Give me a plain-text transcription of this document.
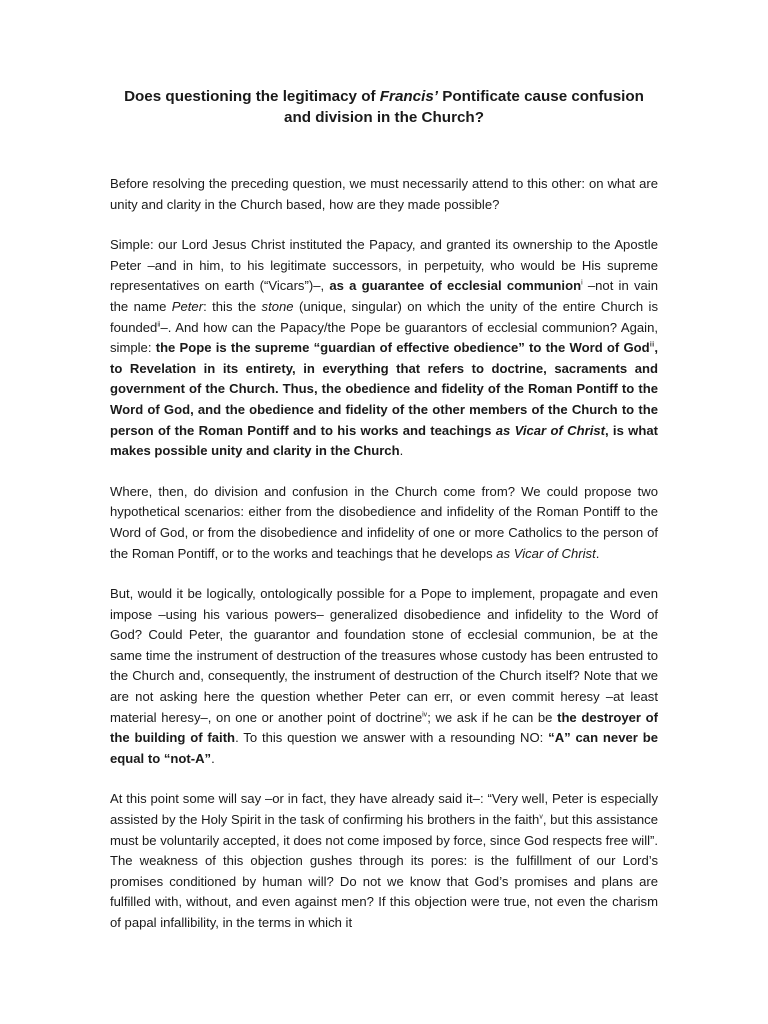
Does questioning the legitimacy of Francis’ Pontificate cause confusion and division in the Church?

Before resolving the preceding question, we must necessarily attend to this other: on what are unity and clarity in the Church based, how are they made possible?

Simple: our Lord Jesus Christ instituted the Papacy, and granted its ownership to the Apostle Peter –and in him, to his legitimate successors, in perpetuity, who would be His supreme representatives on earth (“Vicars”)–, as a guarantee of ecclesial communion$^i$ –not in vain the name Peter: this the stone (unique, singular) on which the unity of the entire Church is founded$^{ii}$–. And how can the Papacy/the Pope be guarantors of ecclesial communion? Again, simple: the Pope is the supreme “guardian of effective obedience” to the Word of God$^{iii}$, to Revelation in its entirety, in everything that refers to doctrine, sacraments and government of the Church. Thus, the obedience and fidelity of the Roman Pontiff to the Word of God, and the obedience and fidelity of the other members of the Church to the person of the Roman Pontiff and to his works and teachings as Vicar of Christ, is what makes possible unity and clarity in the Church.

Where, then, do division and confusion in the Church come from? We could propose two hypothetical scenarios: either from the disobedience and infidelity of the Roman Pontiff to the Word of God, or from the disobedience and infidelity of one or more Catholics to the person of the Roman Pontiff, or to the works and teachings that he develops as Vicar of Christ.

But, would it be logically, ontologically possible for a Pope to implement, propagate and even impose –using his various powers– generalized disobedience and infidelity to the Word of God? Could Peter, the guarantor and foundation stone of ecclesial communion, be at the same time the instrument of destruction of the treasures whose custody has been entrusted to the Church and, consequently, the instrument of destruction of the Church itself? Note that we are not asking here the question whether Peter can err, or even commit heresy –at least material heresy–, on one or another point of doctrine$^{iv}$; we ask if he can be the destroyer of the building of faith. To this question we answer with a resounding NO: “A” can never be equal to “not-A”.

At this point some will say –or in fact, they have already said it–: “Very well, Peter is especially assisted by the Holy Spirit in the task of confirming his brothers in the faith$^v$, but this assistance must be voluntarily accepted, it does not come imposed by force, since God respects free will”. The weakness of this objection gushes through its pores: is the fulfillment of our Lord’s promises conditioned by human will? Do not we know that God’s promises and plans are fulfilled with, without, and even against men? If this objection were true, not even the charism of papal infallibility, in the terms in which it
